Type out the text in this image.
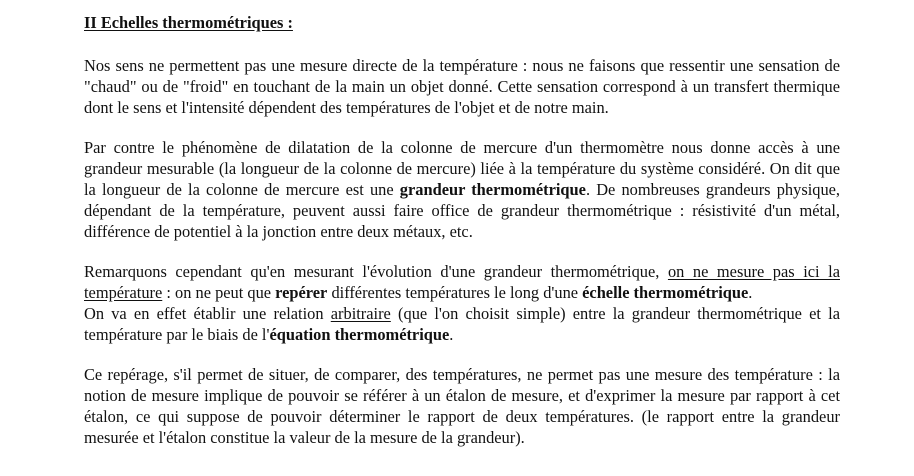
II Echelles thermométriques :

Nos sens ne permettent pas une mesure directe de la température : nous ne faisons que ressentir une sensation de "chaud" ou de "froid" en touchant de la main un objet donné. Cette sensation correspond à un transfert thermique dont le sens et l'intensité dépendent des températures de l'objet et de notre main.

Par contre le phénomène de dilatation de la colonne de mercure d'un thermomètre nous donne accès à une grandeur mesurable (la longueur de la colonne de mercure) liée à la température du système considéré. On dit que la longueur de la colonne de mercure est une grandeur thermométrique. De nombreuses grandeurs physique, dépendant de la température, peuvent aussi faire office de grandeur thermométrique : résistivité d'un métal, différence de potentiel à la jonction entre deux métaux, etc.

Remarquons cependant qu'en mesurant l'évolution d'une grandeur thermométrique, on ne mesure pas ici la température : on ne peut que repérer différentes températures le long d'une échelle thermométrique.

On va en effet établir une relation arbitraire (que l'on choisit simple) entre la grandeur thermométrique et la température par le biais de l'équation thermométrique.

Ce repérage, s'il permet de situer, de comparer, des températures, ne permet pas une mesure des température : la notion de mesure implique de pouvoir se référer à un étalon de mesure, et d'exprimer la mesure par rapport à cet étalon, ce qui suppose de pouvoir déterminer le rapport de deux températures. (le rapport entre la grandeur mesurée et l'étalon constitue la valeur de la mesure de la grandeur).
